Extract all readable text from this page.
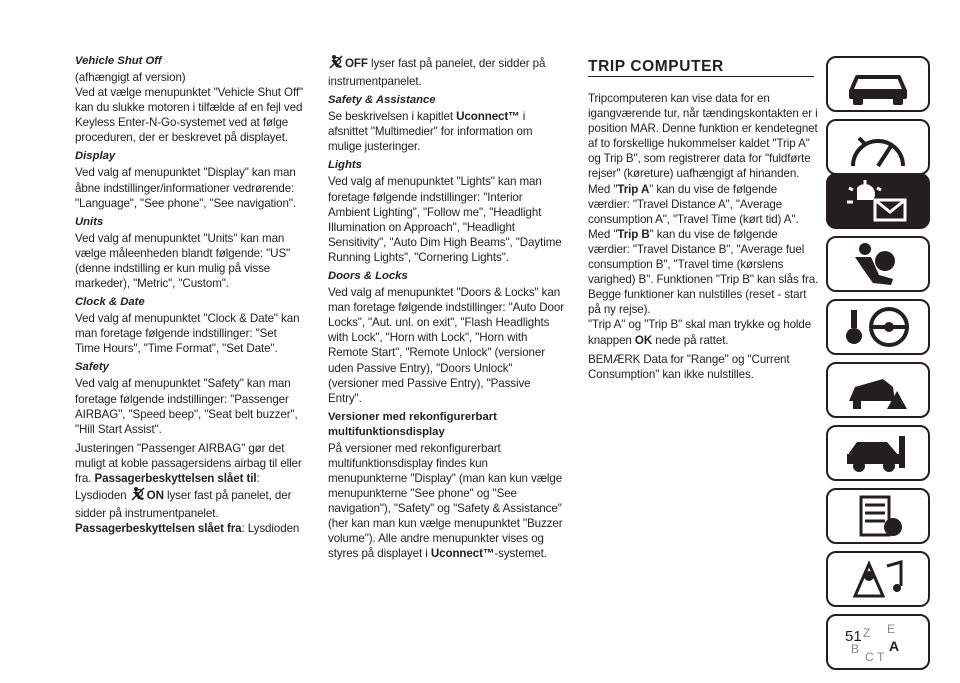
Vehicle Shut Off
(afhængigt af version)
Ved at vælge menupunktet "Vehicle Shut Off" kan du slukke motoren i tilfælde af en fejl ved Keyless Enter-N-Go-systemet ved at følge proceduren, der er beskrevet på displayet.
Display
Ved valg af menupunktet "Display" kan man åbne indstillinger/informationer vedrørende: "Language", "See phone", "See navigation".
Units
Ved valg af menupunktet "Units" kan man vælge måleenheden blandt følgende: "US" (denne indstilling er kun mulig på visse markeder), "Metric", "Custom".
Clock & Date
Ved valg af menupunktet "Clock & Date" kan man foretage følgende indstillinger: "Set Time Hours", "Time Format", "Set Date".
Safety
Ved valg af menupunktet "Safety" kan man foretage følgende indstillinger: "Passenger AIRBAG", "Speed beep", "Seat belt buzzer", "Hill Start Assist".
Justeringen "Passenger AIRBAG" gør det muligt at koble passagersidens airbag til eller fra. Passagerbeskyttelsen slået til:
Lysdioden ON lyser fast på panelet, der sidder på instrumentpanelet.
Passagerbeskyttelsen slået fra: Lysdioden
OFF lyser fast på panelet, der sidder på instrumentpanelet.
Safety & Assistance
Se beskrivelsen i kapitlet Uconnect™ i afsnittet "Multimedier" for information om mulige justeringer.
Lights
Ved valg af menupunktet "Lights" kan man foretage følgende indstillinger: "Interior Ambient Lighting", "Follow me", "Headlight Illumination on Approach", "Headlight Sensitivity", "Auto Dim High Beams", "Daytime Running Lights", "Cornering Lights".
Doors & Locks
Ved valg af menupunktet "Doors & Locks" kan man foretage følgende indstillinger: "Auto Door Locks", "Aut. unl. on exit", "Flash Headlights with Lock", "Horn with Lock", "Horn with Remote Start", "Remote Unlock" (versioner uden Passive Entry), "Doors Unlock" (versioner med Passive Entry), "Passive Entry".
Versioner med rekonfigurerbart multifunktionsdisplay
På versioner med rekonfigurerbart multifunktionsdisplay findes kun menupunkterne "Display" (man kan kun vælge menupunkterne "See phone" og "See navigation"), "Safety" og "Safety & Assistance" (her kan man kun vælge menupunktet "Buzzer volume"). Alle andre menupunkter vises og styres på displayet i Uconnect™-systemet.
TRIP COMPUTER
Tripcomputeren kan vise data for en igangværende tur, når tændingskontakten er i position MAR. Denne funktion er kendetegnet af to forskellige hukommelser kaldet "Trip A" og Trip B", som registrerer data for "fuldførte rejser" (køreture) uafhængigt af hinanden.
Med "Trip A" kan du vise de følgende værdier: "Travel Distance A", "Average consumption A", "Travel Time (kørt tid) A".
Med "Trip B" kan du vise de følgende værdier: "Travel Distance B", "Average fuel consumption B", "Travel time (kørslens varighed) B". Funktionen "Trip B" kan slås fra.
Begge funktioner kan nulstilles (reset - start på ny rejse).
"Trip A" og "Trip B" skal man trykke og holde knappen OK nede på rattet.
BEMÆRK Data for "Range" og "Current Consumption" kan ikke nulstilles.
Z E
B A
C T
51
